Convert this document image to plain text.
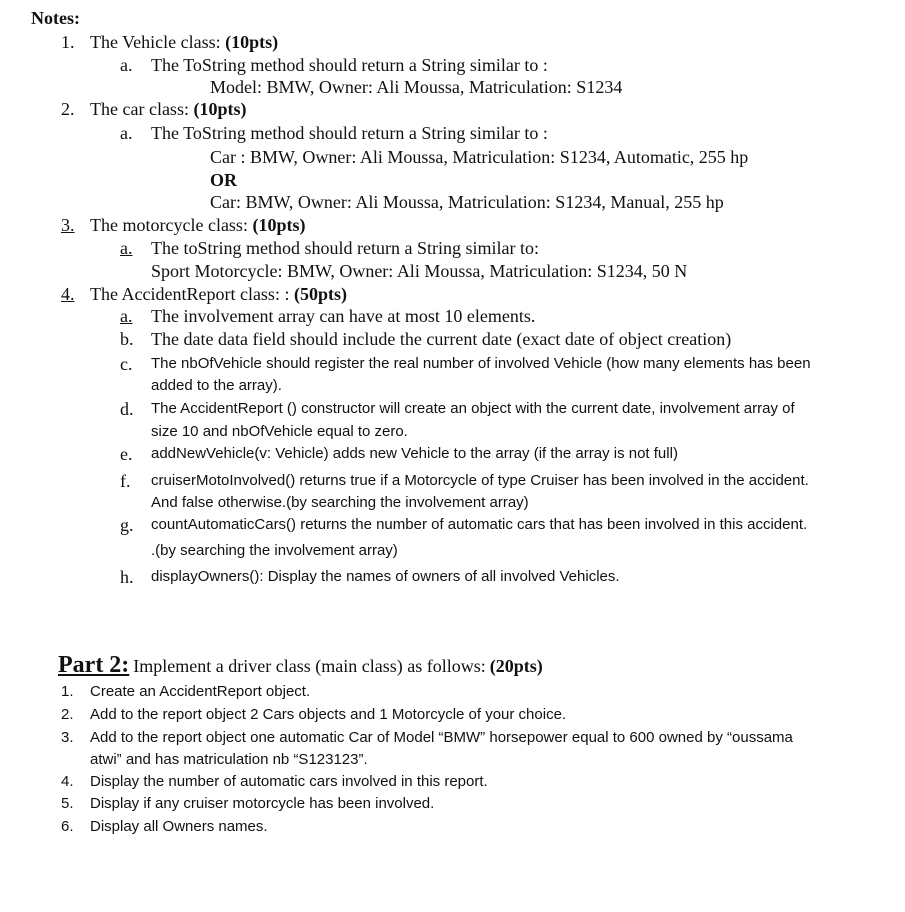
Notes:
1. The Vehicle class: (10pts)
a. The ToString method should return a String similar to :
Model: BMW, Owner: Ali Moussa, Matriculation: S1234
2. The car class: (10pts)
a. The ToString method should return a String similar to :
Car : BMW, Owner: Ali Moussa, Matriculation: S1234, Automatic, 255 hp
OR
Car: BMW, Owner: Ali Moussa, Matriculation: S1234, Manual, 255 hp
3. The motorcycle class: (10pts)
a.	The toString method should return a String similar to:
Sport Motorcycle: BMW, Owner: Ali Moussa, Matriculation: S1234, 50 N
4. The AccidentReport class: : (50pts)
a.	The involvement array can have at most 10 elements.
b. The date data field should include the current date (exact date of object creation)
c. The nbOfVehicle should register the real number of involved Vehicle (how many elements has been
added to the array).
d. The AccidentReport () constructor will create an object with the current date, involvement array of
size 10 and nbOfVehicle equal to zero.
e. addNewVehicle(v: Vehicle) adds new Vehicle to the array (if the array is not full)
f. cruiserMotoInvolved() returns true if a Motorcycle of type Cruiser has been involved in the accident.
And false otherwise.(by searching the involvement array)
g. countAutomaticCars() returns the number of automatic cars that has been involved in this accident.
.(by searching the involvement array)
h. displayOwners(): Display the names of owners of all involved Vehicles.
Part 2: Implement a driver class (main class) as follows: (20pts)
1. Create an AccidentReport object.
2. Add to the report object 2 Cars objects and 1 Motorcycle of your choice.
3. Add to the report object one automatic Car of Model “BMW” horsepower equal to 600 owned by “oussama
atwi” and has matriculation nb “S123123”.
4. Display the number of automatic cars involved in this report.
5. Display if any cruiser motorcycle has been involved.
6. Display all Owners names.
